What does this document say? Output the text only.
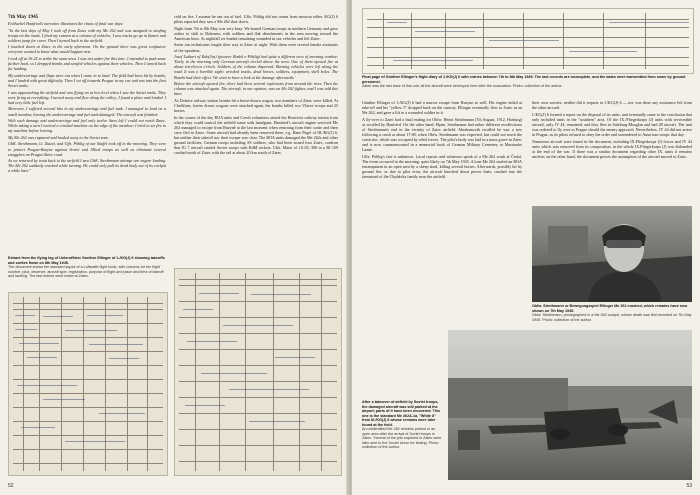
7th May 1945

Feldwebel Hanfried's narrative illustrates the chaos of final war days:

"In the last days of May I took off from Zatec with my Me 262 and was assigned to strafing troops on the roads. I fired my cannon at a column of vehicles; I saw trucks go up in flames and soldiers jump for cover. Then I turned back to the airfield.

I touched down at Zatec in the early afternoon. On the ground there was great confusion; everyone wanted to know what would happen next.

I took off at 16:25 to strike the same area. I was not under fire this time. I intended to push some further back, so I dropped bombs and strafed vehicles against their vehicles. Then I turned back for landing.

My undercarriage and flaps were out when I came in to land. The field had been hit by bombs, and I landed with great difficulty. Then I set off towards Prague in my car and ran into the first Soviet tanks.

I was approaching the airfield and was flying on at low level when I saw the Soviet tanks. They were firing at everything. I turned away and flew along the valley; I found a place and landed. I had very little fuel left.

Moreover, I suffered several hits in my undercarriage and fuel tank. I managed to land on a small meadow, leaving the undercarriage and fuel tank damaged. The aircraft was finished.

With such damage and undercarriage and fuel only twelve litres left I could not reach Zatec. While taking a turn I noticed a crashed machine on the edge of the meadow; I tried to set fire to my machine before leaving.

My Me 262 was captured and hauled away to the Soviet zone.

GbK. Strothmann, Lt. Zutzel, and Uffz. Pöhlig of our Staffel took off in the morning. They were to protect Prague-Ruzyne against Soviet and Allied troops as well as eliminate several stragglers on Prague-Zatec road.

As we returned by train back to the airfield I saw GbK. Strothmann attempt one engine landing. The Me 262 suddenly crashed while turning. He could only pull its dead body out of its cockpit a while later."

cold on fire, I assume he ran out of fuel. Uffz. Pöhlig did not return from mission either. KG(J) 6 pilots reported they saw a Me 262 shot down.

Night from 7th to 8th May was very busy. We buried German troops in northern Germany and gave orders to shift to Bohemia, with soldiers and flak detachments in the area moving toward the American lines. At nightfall we loaded remaining wounded in our vehicles and left Zatec.

Some our technicians fought their way to Zatec at night. With them were several female assistants of the squadron.

Josef Luthart of Kdo(Jas) (pioneer Radek o Pöhlig) had quite a different view of morning combat: 'Early in the morning only German aircraft circled above the area. One of them opened fire at about ten-eleven o'clock. Soldiers of the column dispersed. Burning vehicles were left along the road. It was a horrible sight: wrecked trucks, dead horses, soldiers, equipment, shell holes. The Bombs had their effect. We went to have a look at the damage afterwards.'

Before the aircraft opened fire, there had been several explosions from around the river. Then the column was attacked again. The aircraft, in our opinion, was an Me 262 fighter, and I was told this later.

As Dolnice railway station bombs hit a horse-drawn wagon, two members of Zatec were killed. At Chrášťany lorries drawn wagons were attacked again, the bombs killed two Vlasov troops and 25 horses.

In the course of the day ROA units and Czech volunteers seized the Hostivice railway station from which they could control the airfield some with handguns. Hanfried's aircraft engine serviced Me 262 managed to escape from Ruzyně at the last moment when returning from their sortie and their crew fled to Zatec. Some aircraft had already been removed there, e.g. Hans Pegel of III./KG(J) 6, but neither their takeoff nor their escape was clear. The ROA units damaged the Me 262s and other ground facilities; German troops including SS soldiers, who had been issued four Zatec, confirm that JG 7 aircraft strafed Soviet troops with RdM rockets. Uffz. Maier of 10./JG 300 in a Bf 109 crashed north of Zatec with the tail at about 20 km south of Zatec.

Extract from the flying log of Unteroffizier Gunther Ellinger of 1./KG(J) 6 showing takeoffs and sorties flown on 8th May 1945.
The document shows the standard layout of a Luftwaffe flight book, with columns for the flight number, pilot, observer, aircraft type, registration, purpose of flight and place and time of takeoff and landing. The last entries were made at Zatec.
52
Final page of Günther Ellinger's flight diary of 1./KG(J) 6 with entries between 7th to 8th May 1945. The last records are incomplete, and the dates were transmitted from some by ground personnel.
Zatec was the last base of this unit; all the aircraft were destroyed here after the evacuation. Photo: collection of the author.

Günther Ellinger of 1./KG(J) 6 had a narrow escape from Ruzyne as well. His engine failed at take-off and his "yellow 5" dropped back on the runway. Ellinger eventually flew to Zatec in an Me 262, and gave a lift to a wounded soldier in it.

A fly-over to Zatec had a fatal ending for Obfw. Heinz Strothmann (7th August, 1912, Harburg) as recalled by Hanfried. On the other hand, Hptm. Strothmann had rather different recollections of Strothmann's end in the vicinity of Zatec airfield. Abrahamczik recalled he saw a tree following a crash at about 17:00, when Obfw. Strothmann was expected, but could not reach the crash site, which was occupied by rebel forces. The pilot's body was laid in a mass grave in Zatec and is now commemorated in a memorial book of German Military Cemetery at Marianske Lazne.

Uffz. Pöhlig's fate is unknown. Local reports and witnesses speak of a Me 262 crash at Česká. The event occurred in the morning, quite likely on 7th May 1945. A lone Me 262 strafed an ROA encampment in an open area by a sheep shed, killing several horses. Afterwards, possibly hit by ground fire, or due to pilot error, the aircraft knocked down power lines, crashed into the farmstead of the Chyňávka family near the airfield.

their own worries, neither did it request to I./KG(J) 6 — nor was there any assistance left from the other aircraft.

I./KG(J) 6 formed a report on the disposal of its units, and eventually came to the conclusion that only included units in the "southern" area. Of the IX./Fliegerkorps (J) units with serviceable aircraft, only JV 44, remained, and they flew in Salzburg-Maxglan and had 28 aircraft. The unit was ordered to fly over to Prague should the enemy approach. Nevertheless, JV 44 did not arrive in Prague, as its pilots refused to obey the order and surrendered to American troops that day.

Numerous aircraft were found in the document, including IX.Fliegerkorps (J) forces and JV 44 units which was removed from its composition; in the whole IX.Fliegerkorps (J) was disbanded at the end of the war. If there was a similar document regarding other IX. units it remains unclear; on the other hand, the document proves the assumption of the aircraft moved to Zatec.

Obfw. Strothmann or Bewegungsspiel Ellinger Me 262 crashed, which remains have now shown on 7th May 1945.
Obfw. Strothmann, photographed in a Me 262 cockpit, whose death was first recorded on 7th May 1945. Photo: collection of the author.
After a takeover of airfield by Soviet troops, the damaged aircraft was still parked at the airport; parts of it have been recovered. This one is the standard Me 262A-1a, "White 8" from III./KG(J) 6 whose remains were later found at the field.
An unidentified Me 262 remains parked in an open area after the arrival of Soviet troops in Zatec. Several of the jets captured in Zatec were later sent to the Soviet Union for testing. Photo: collection of the author.
53
